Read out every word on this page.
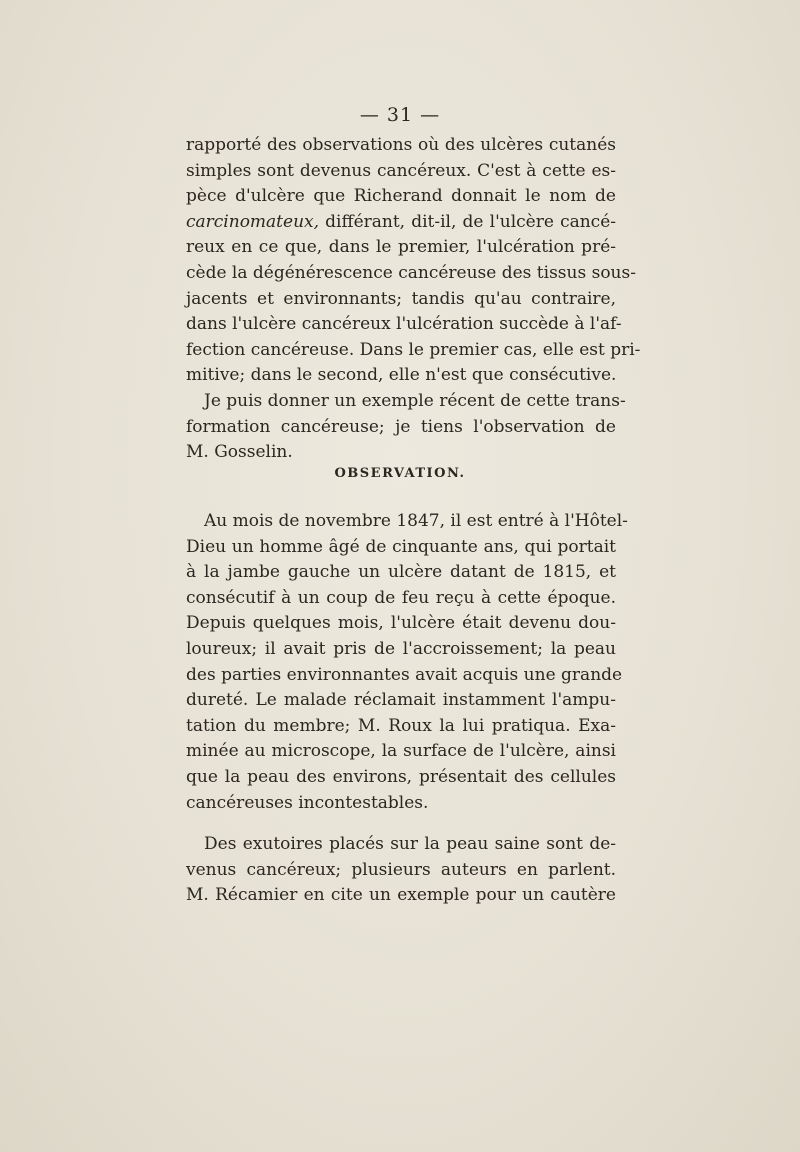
— 31 —
rapporté des observations où des ulcères cutanés
simples sont devenus cancéreux. C'est à cette es-
pèce d'ulcère que Richerand donnait le nom de
carcinomateux, différant, dit-il, de l'ulcère cancé-
reux en ce que, dans le premier, l'ulcération pré-
cède la dégénérescence cancéreuse des tissus sous-
jacents et environnants; tandis qu'au contraire,
dans l'ulcère cancéreux l'ulcération succède à l'af-
fection cancéreuse. Dans le premier cas, elle est pri-
mitive; dans le second, elle n'est que consécutive.
Je puis donner un exemple récent de cette trans-
formation cancéreuse; je tiens l'observation de
M. Gosselin.
OBSERVATION.
Au mois de novembre 1847, il est entré à l'Hôtel-
Dieu un homme âgé de cinquante ans, qui portait
à la jambe gauche un ulcère datant de 1815, et
consécutif à un coup de feu reçu à cette époque.
Depuis quelques mois, l'ulcère était devenu dou-
loureux; il avait pris de l'accroissement; la peau
des parties environnantes avait acquis une grande
dureté. Le malade réclamait instamment l'ampu-
tation du membre; M. Roux la lui pratiqua. Exa-
minée au microscope, la surface de l'ulcère, ainsi
que la peau des environs, présentait des cellules
cancéreuses incontestables.
Des exutoires placés sur la peau saine sont de-
venus cancéreux; plusieurs auteurs en parlent.
M. Récamier en cite un exemple pour un cautère
